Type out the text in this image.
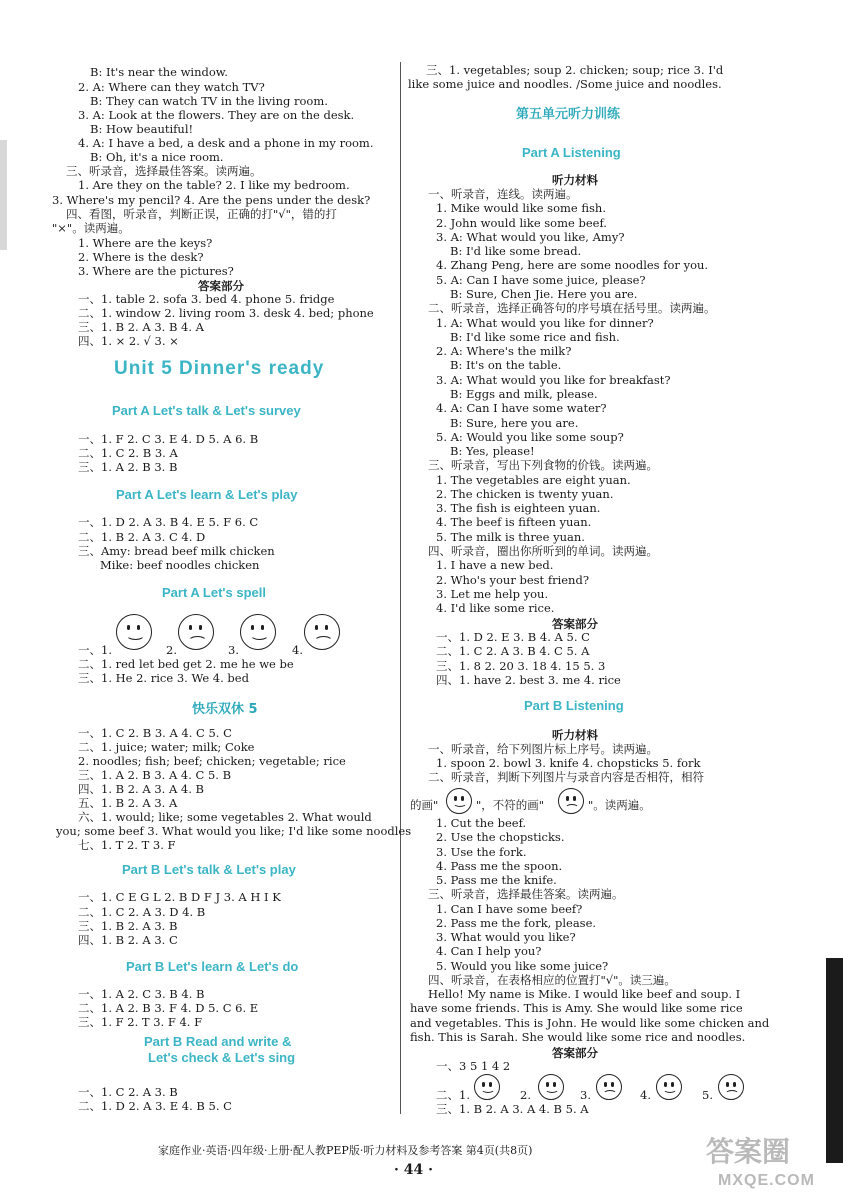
B: It's near the window.
2. A: Where can they watch TV?
B: They can watch TV in the living room.
3. A: Look at the flowers. They are on the desk.
B: How beautiful!
4. A: I have a bed, a desk and a phone in my room.
B: Oh, it's a nice room.
三、听录音，选择最佳答案。读两遍。
1. Are they on the table? 2. I like my bedroom.
3. Where's my pencil? 4. Are the pens under the desk?
四、看图，听录音，判断正误，正确的打"√"，错的打
"×"。读两遍。
1. Where are the keys?
2. Where is the desk?
3. Where are the pictures?
答案部分
一、1. table 2. sofa 3. bed 4. phone 5. fridge
二、1. window 2. living room 3. desk 4. bed; phone
三、1. B 2. A 3. B 4. A
四、1. × 2. √ 3. ×
Unit 5 Dinner's ready
Part A Let's talk & Let's survey
一、1. F 2. C 3. E 4. D 5. A 6. B
二、1. C 2. B 3. A
三、1. A 2. B 3. B
Part A Let's learn & Let's play
一、1. D 2. A 3. B 4. E 5. F 6. C
二、1. B 2. A 3. C 4. D
三、Amy: bread beef milk chicken
Mike: beef noodles chicken
Part A Let's spell
一、1.	2.	3.	4.
二、1. red let bed get 2. me he we be
三、1. He 2. rice 3. We 4. bed
快乐双休 5
一、1. C 2. B 3. A 4. C 5. C
二、1. juice; water; milk; Coke
2. noodles; fish; beef; chicken; vegetable; rice
三、1. A 2. B 3. A 4. C 5. B
四、1. B 2. A 3. A 4. B
五、1. B 2. A 3. A
六、1. would; like; some vegetables 2. What would
you; some beef 3. What would you like; I'd like some noodles
七、1. T 2. T 3. F
Part B Let's talk & Let's play
一、1. C E G L 2. B D F J 3. A H I K
二、1. C 2. A 3. D 4. B
三、1. B 2. A 3. B
四、1. B 2. A 3. C
Part B Let's learn & Let's do
一、1. A 2. C 3. B 4. B
二、1. A 2. B 3. F 4. D 5. C 6. E
三、1. F 2. T 3. F 4. F
Part B Read and write &
Let's check & Let's sing
一、1. C 2. A 3. B
二、1. D 2. A 3. E 4. B 5. C
三、1. vegetables; soup 2. chicken; soup; rice 3. I'd
like some juice and noodles. /Some juice and noodles.
第五单元听力训练
Part A Listening
听力材料
一、听录音，连线。读两遍。
1. Mike would like some fish.
2. John would like some beef.
3. A: What would you like, Amy?
B: I'd like some bread.
4. Zhang Peng, here are some noodles for you.
5. A: Can I have some juice, please?
B: Sure, Chen Jie. Here you are.
二、听录音，选择正确答句的序号填在括号里。读两遍。
1. A: What would you like for dinner?
B: I'd like some rice and fish.
2. A: Where's the milk?
B: It's on the table.
3. A: What would you like for breakfast?
B: Eggs and milk, please.
4. A: Can I have some water?
B: Sure, here you are.
5. A: Would you like some soup?
B: Yes, please!
三、听录音，写出下列食物的价钱。读两遍。
1. The vegetables are eight yuan.
2. The chicken is twenty yuan.
3. The fish is eighteen yuan.
4. The beef is fifteen yuan.
5. The milk is three yuan.
四、听录音，圈出你所听到的单词。读两遍。
1. I have a new bed.
2. Who's your best friend?
3. Let me help you.
4. I'd like some rice.
答案部分
一、1. D 2. E 3. B 4. A 5. C
二、1. C 2. A 3. B 4. C 5. A
三、1. 8 2. 20 3. 18 4. 15 5. 3
四、1. have 2. best 3. me 4. rice
Part B Listening
听力材料
一、听录音，给下列图片标上序号。读两遍。
1. spoon 2. bowl 3. knife 4. chopsticks 5. fork
二、听录音，判断下列图片与录音内容是否相符，相符
的画"	"，不符的画"	"。读两遍。
1. Cut the beef.
2. Use the chopsticks.
3. Use the fork.
4. Pass me the spoon.
5. Pass me the knife.
三、听录音，选择最佳答案。读两遍。
1. Can I have some beef?
2. Pass me the fork, please.
3. What would you like?
4. Can I help you?
5. Would you like some juice?
四、听录音，在表格相应的位置打"√"。读三遍。
Hello! My name is Mike. I would like beef and soup. I
have some friends. This is Amy. She would like some rice
and vegetables. This is John. He would like some chicken and
fish. This is Sarah. She would like some rice and noodles.
答案部分
一、3 5 1 4 2
二、1.	2.	3.	4.	5.
三、1. B 2. A 3. A 4. B 5. A
家庭作业·英语·四年级·上册·配人教PEP版·听力材料及参考答案 第4页(共8页)
· 44 ·
答案圈
MXQE.COM
